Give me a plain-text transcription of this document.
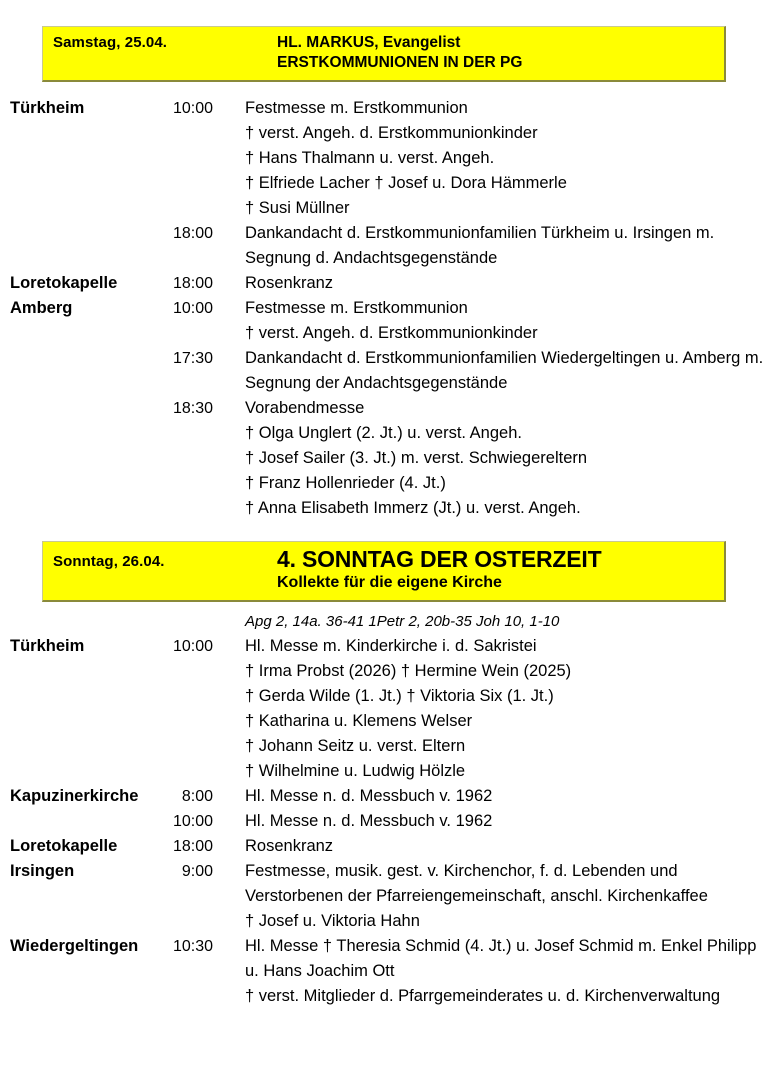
Samstag, 25.04.	HL. MARKUS, Evangelist
ERSTKOMMUNIONEN IN DER PG
Türkheim	10:00 Festmesse m. Erstkommunion
† verst. Angeh. d. Erstkommunionkinder
† Hans Thalmann u. verst. Angeh.
† Elfriede Lacher † Josef u. Dora Hämmerle
† Susi Müllner
18:00 Dankandacht d. Erstkommunionfamilien Türkheim u. Irsingen m. Segnung d. Andachtsgegenstände
Loretokapelle	18:00 Rosenkranz
Amberg	10:00 Festmesse m. Erstkommunion
† verst. Angeh. d. Erstkommunionkinder
17:30 Dankandacht d. Erstkommunionfamilien Wiedergeltingen u. Amberg m. Segnung der Andachtsgegenstände
18:30 Vorabendmesse
† Olga Unglert (2. Jt.) u. verst. Angeh.
† Josef Sailer (3. Jt.) m. verst. Schwiegereltern
† Franz Hollenrieder (4. Jt.)
† Anna Elisabeth Immerz (Jt.) u. verst. Angeh.
Sonntag, 26.04.	4. SONNTAG DER OSTERZEIT
Kollekte für die eigene Kirche
Apg 2, 14a. 36-41 1Petr 2, 20b-35 Joh 10, 1-10
Türkheim	10:00 Hl. Messe m. Kinderkirche i. d. Sakristei
† Irma Probst (2026) † Hermine Wein (2025)
† Gerda Wilde (1. Jt.) † Viktoria Six (1. Jt.)
† Katharina u. Klemens Welser
† Johann Seitz u. verst. Eltern
† Wilhelmine u. Ludwig Hölzle
Kapuzinerkirche	8:00 Hl. Messe n. d. Messbuch v. 1962
10:00 Hl. Messe n. d. Messbuch v. 1962
Loretokapelle	18:00 Rosenkranz
Irsingen	9:00 Festmesse, musik. gest. v. Kirchenchor, f. d. Lebenden und Verstorbenen der Pfarreiengemeinschaft, anschl. Kirchenkaffee
† Josef u. Viktoria Hahn
Wiedergeltingen	10:30 Hl. Messe † Theresia Schmid (4. Jt.) u. Josef Schmid m. Enkel Philipp u. Hans Joachim Ott
† verst. Mitglieder d. Pfarrgemeinderates u. d. Kirchenverwaltung
